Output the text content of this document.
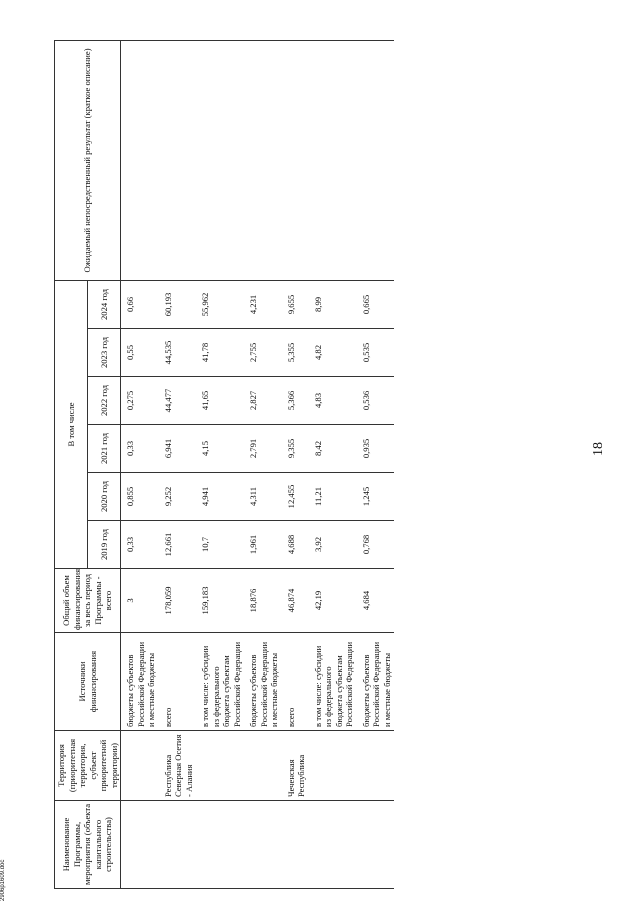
18
2906p1609.doc
Наименование Программы, мероприятия (объекта капитального строительства)	Территория (приоритетная территория, субъект приоритетной территории)	Источники финансирования	Общий объем финансирования за весь период Программы - всего	В том числе						Ожидаемый непосредственный результат (краткое описание)
				2019 год	2020 год	2021 год	2022 год	2023 год	2024 год	
		бюджеты субъектов Российской Федерации и местные бюджеты	3	0,33	0,855	0,33	0,275	0,55	0,66	
	Республика Северная Осетия - Алания	всего	178,059	12,661	9,252	6,941	44,477	44,535	60,193	
		в том числе: субсидии из федерального бюджета субъектам Российской Федерации	159,183	10,7	4,941	4,15	41,65	41,78	55,962	
		бюджеты субъектов Российской Федерации и местные бюджеты	18,876	1,961	4,311	2,791	2,827	2,755	4,231	
	Чеченская Республика	всего	46,874	4,688	12,455	9,355	5,366	5,355	9,655	
		в том числе: субсидии из федерального бюджета субъектам Российской Федерации	42,19	3,92	11,21	8,42	4,83	4,82	8,99	
		бюджеты субъектов Российской Федерации и местные бюджеты	4,684	0,768	1,245	0,935	0,536	0,535	0,665	
